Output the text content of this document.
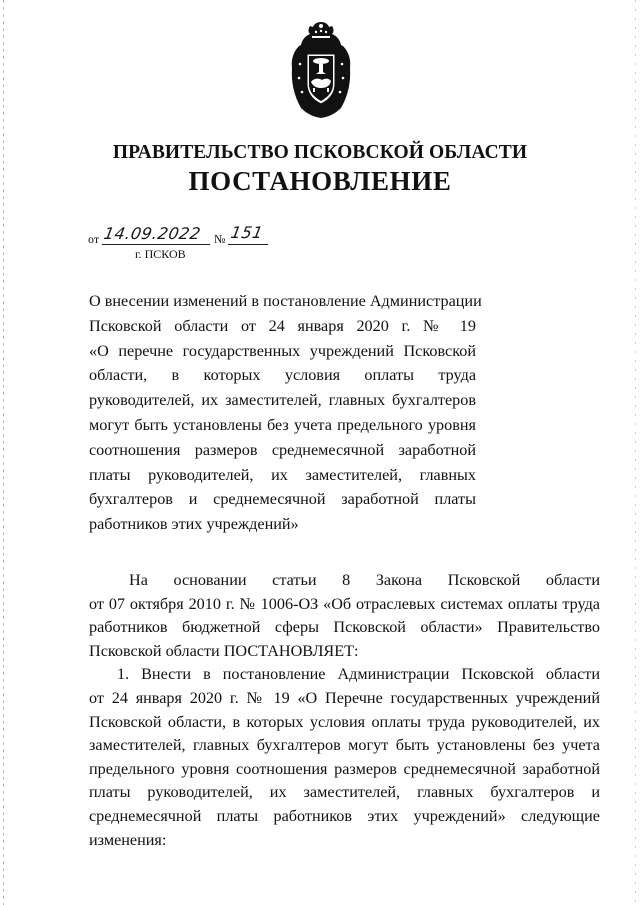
ПРАВИТЕЛЬСТВО ПСКОВСКОЙ ОБЛАСТИ
ПОСТАНОВЛЕНИЕ
от 14.09.2022 № 151
г. ПСКОВ
О внесении изменений в постановление Администрации
Псковской области от 24 января 2020 г. № 19
«О перечне государственных учреждений Псковской
области, в которых условия оплаты труда
руководителей, их заместителей, главных бухгалтеров
могут быть установлены без учета предельного уровня
соотношения размеров среднемесячной заработной
платы руководителей, их заместителей, главных
бухгалтеров и среднемесячной заработной платы
работников этих учреждений»
На основании статьи 8 Закона Псковской области
от 07 октября 2010 г. № 1006-ОЗ «Об отраслевых системах оплаты труда
работников бюджетной сферы Псковской области» Правительство
Псковской области ПОСТАНОВЛЯЕТ:
1. Внести в постановление Администрации Псковской области
от 24 января 2020 г. № 19 «О Перечне государственных учреждений
Псковской области, в которых условия оплаты труда руководителей, их
заместителей, главных бухгалтеров могут быть установлены без учета
предельного уровня соотношения размеров среднемесячной заработной
платы руководителей, их заместителей, главных бухгалтеров и
среднемесячной платы работников этих учреждений» следующие
изменения:
